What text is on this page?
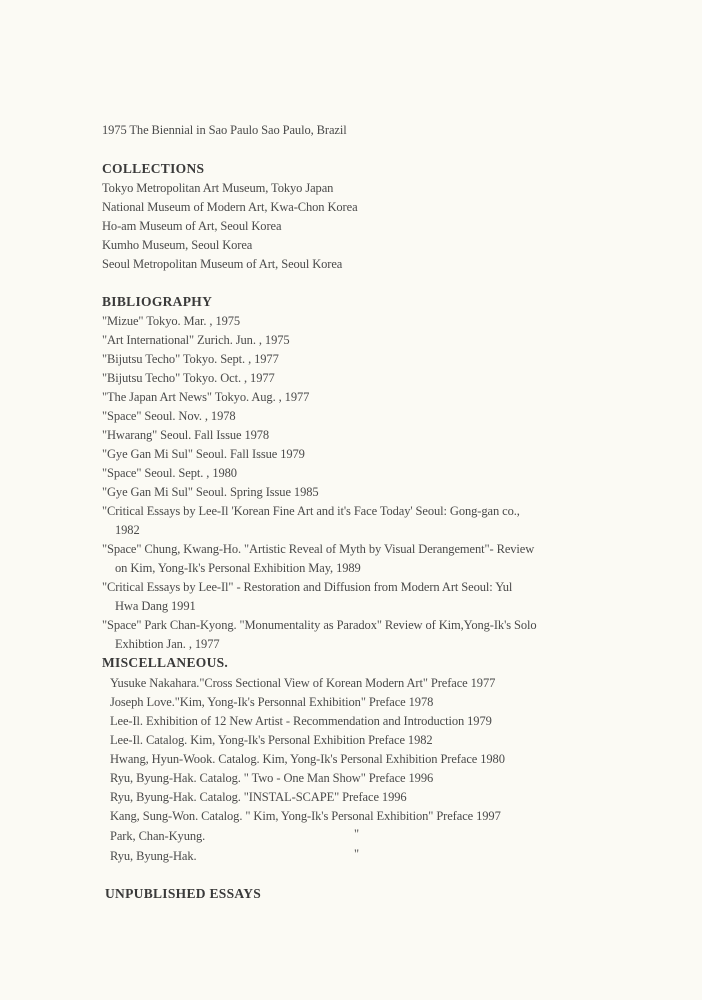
1975 The Biennial in Sao Paulo Sao Paulo, Brazil
COLLECTIONS
Tokyo Metropolitan Art Museum, Tokyo Japan
National Museum of Modern Art, Kwa-Chon Korea
Ho-am Museum of Art, Seoul Korea
Kumho Museum, Seoul Korea
Seoul Metropolitan Museum of Art, Seoul Korea
BIBLIOGRAPHY
"Mizue" Tokyo. Mar. , 1975
"Art International" Zurich. Jun. , 1975
"Bijutsu Techo" Tokyo. Sept. , 1977
"Bijutsu Techo" Tokyo. Oct. , 1977
"The Japan Art News" Tokyo. Aug. , 1977
"Space" Seoul. Nov. , 1978
"Hwarang" Seoul. Fall Issue 1978
"Gye Gan Mi Sul" Seoul. Fall Issue 1979
"Space" Seoul. Sept. , 1980
"Gye Gan Mi Sul" Seoul. Spring Issue 1985
"Critical Essays by Lee-Il 'Korean Fine Art and it's Face Today' Seoul: Gong-gan co.,
1982
"Space" Chung, Kwang-Ho. "Artistic Reveal of Myth by Visual Derangement"- Review
on Kim, Yong-Ik's Personal Exhibition May, 1989
"Critical Essays by Lee-Il" - Restoration and Diffusion from Modern Art Seoul: Yul
Hwa Dang 1991
"Space" Park Chan-Kyong. "Monumentality as Paradox" Review of Kim,Yong-Ik's Solo
Exhibtion Jan. , 1977
MISCELLANEOUS.
Yusuke Nakahara."Cross Sectional View of Korean Modern Art" Preface 1977
Joseph Love."Kim, Yong-Ik's Personnal Exhibition" Preface 1978
Lee-Il. Exhibition of 12 New Artist - Recommendation and Introduction 1979
Lee-Il. Catalog. Kim, Yong-Ik's Personal Exhibition Preface 1982
Hwang, Hyun-Wook. Catalog. Kim, Yong-Ik's Personal Exhibition Preface 1980
Ryu, Byung-Hak. Catalog. " Two - One Man Show" Preface 1996
Ryu, Byung-Hak. Catalog. "INSTAL-SCAPE" Preface 1996
Kang, Sung-Won. Catalog. " Kim, Yong-Ik's Personal Exhibition" Preface 1997
Park, Chan-Kyung.	"
Ryu, Byung-Hak.	"
UNPUBLISHED ESSAYS
